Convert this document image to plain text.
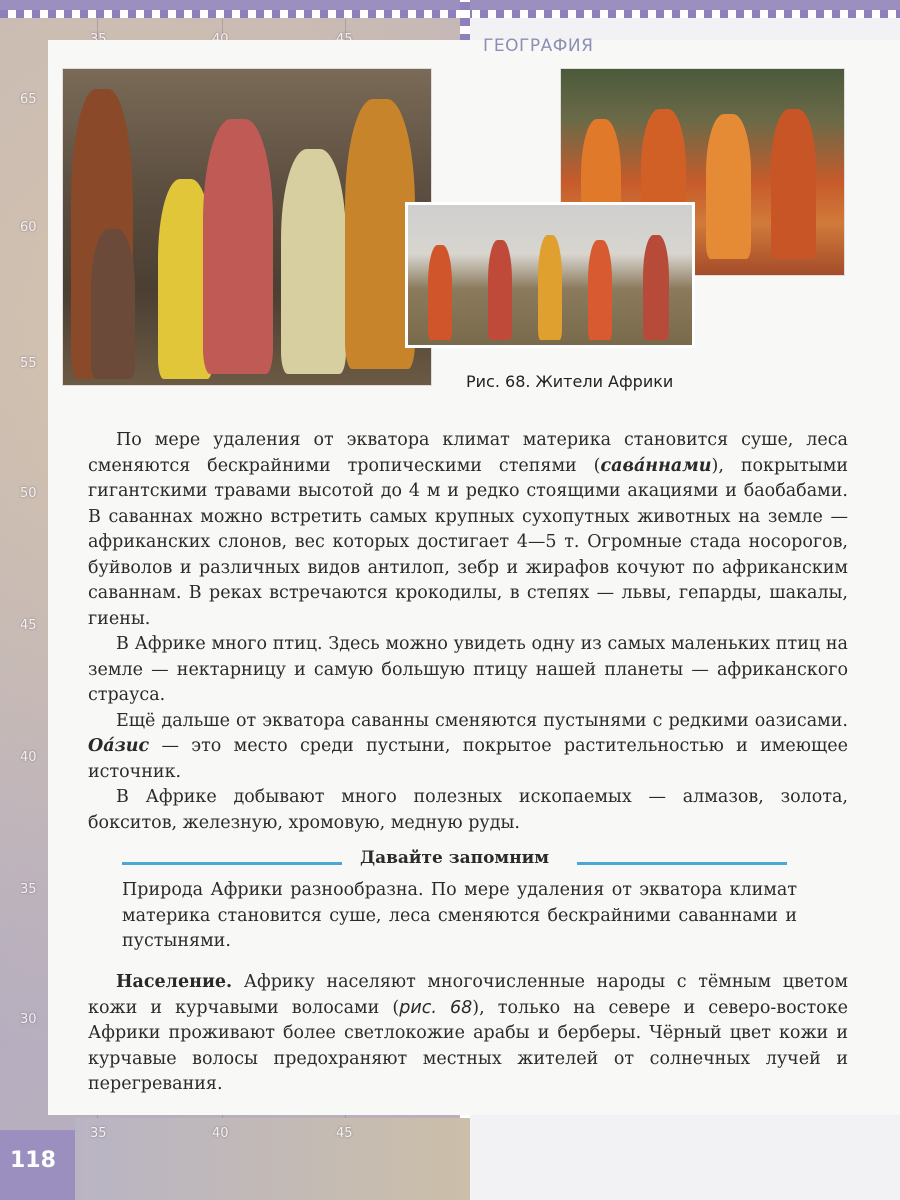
35	40	45
65
60
55
50
45
40
35
30
ГЕОГРАФИЯ
Рис. 68. Жители Африки

По мере удаления от экватора климат материка становится суше, леса сменяются бескрайними тропическими степями (сава́ннами), покрытыми гигантскими травами высотой до 4 м и редко стоящими акациями и баобабами. В саваннах можно встретить самых крупных сухопутных животных на земле — африканских слонов, вес которых достигает 4—5 т. Огромные стада носорогов, буйволов и различных видов антилоп, зебр и жирафов кочуют по африканским саваннам. В реках встречаются крокодилы, в степях — львы, гепарды, шакалы, гиены.

В Африке много птиц. Здесь можно увидеть одну из самых маленьких птиц на земле — нектарницу и самую большую птицу нашей планеты — африканского страуса.

Ещё дальше от экватора саванны сменяются пустынями с редкими оазисами. Оа́зис — это место среди пустыни, покрытое растительностью и имеющее источник.

В Африке добывают много полезных ископаемых — алмазов, золота, бокситов, железную, хромовую, медную руды.

Давайте запомним
Природа Африки разнообразна. По мере удаления от экватора климат материка становится суше, леса сменяются бескрайними саваннами и пустынями.

Население. Африку населяют многочисленные народы с тёмным цветом кожи и курчавыми волосами (рис. 68), только на севере и северо-востоке Африки проживают более светлокожие арабы и берберы. Чёрный цвет кожи и курчавые волосы предохраняют местных жителей от солнечных лучей и перегревания.

118
